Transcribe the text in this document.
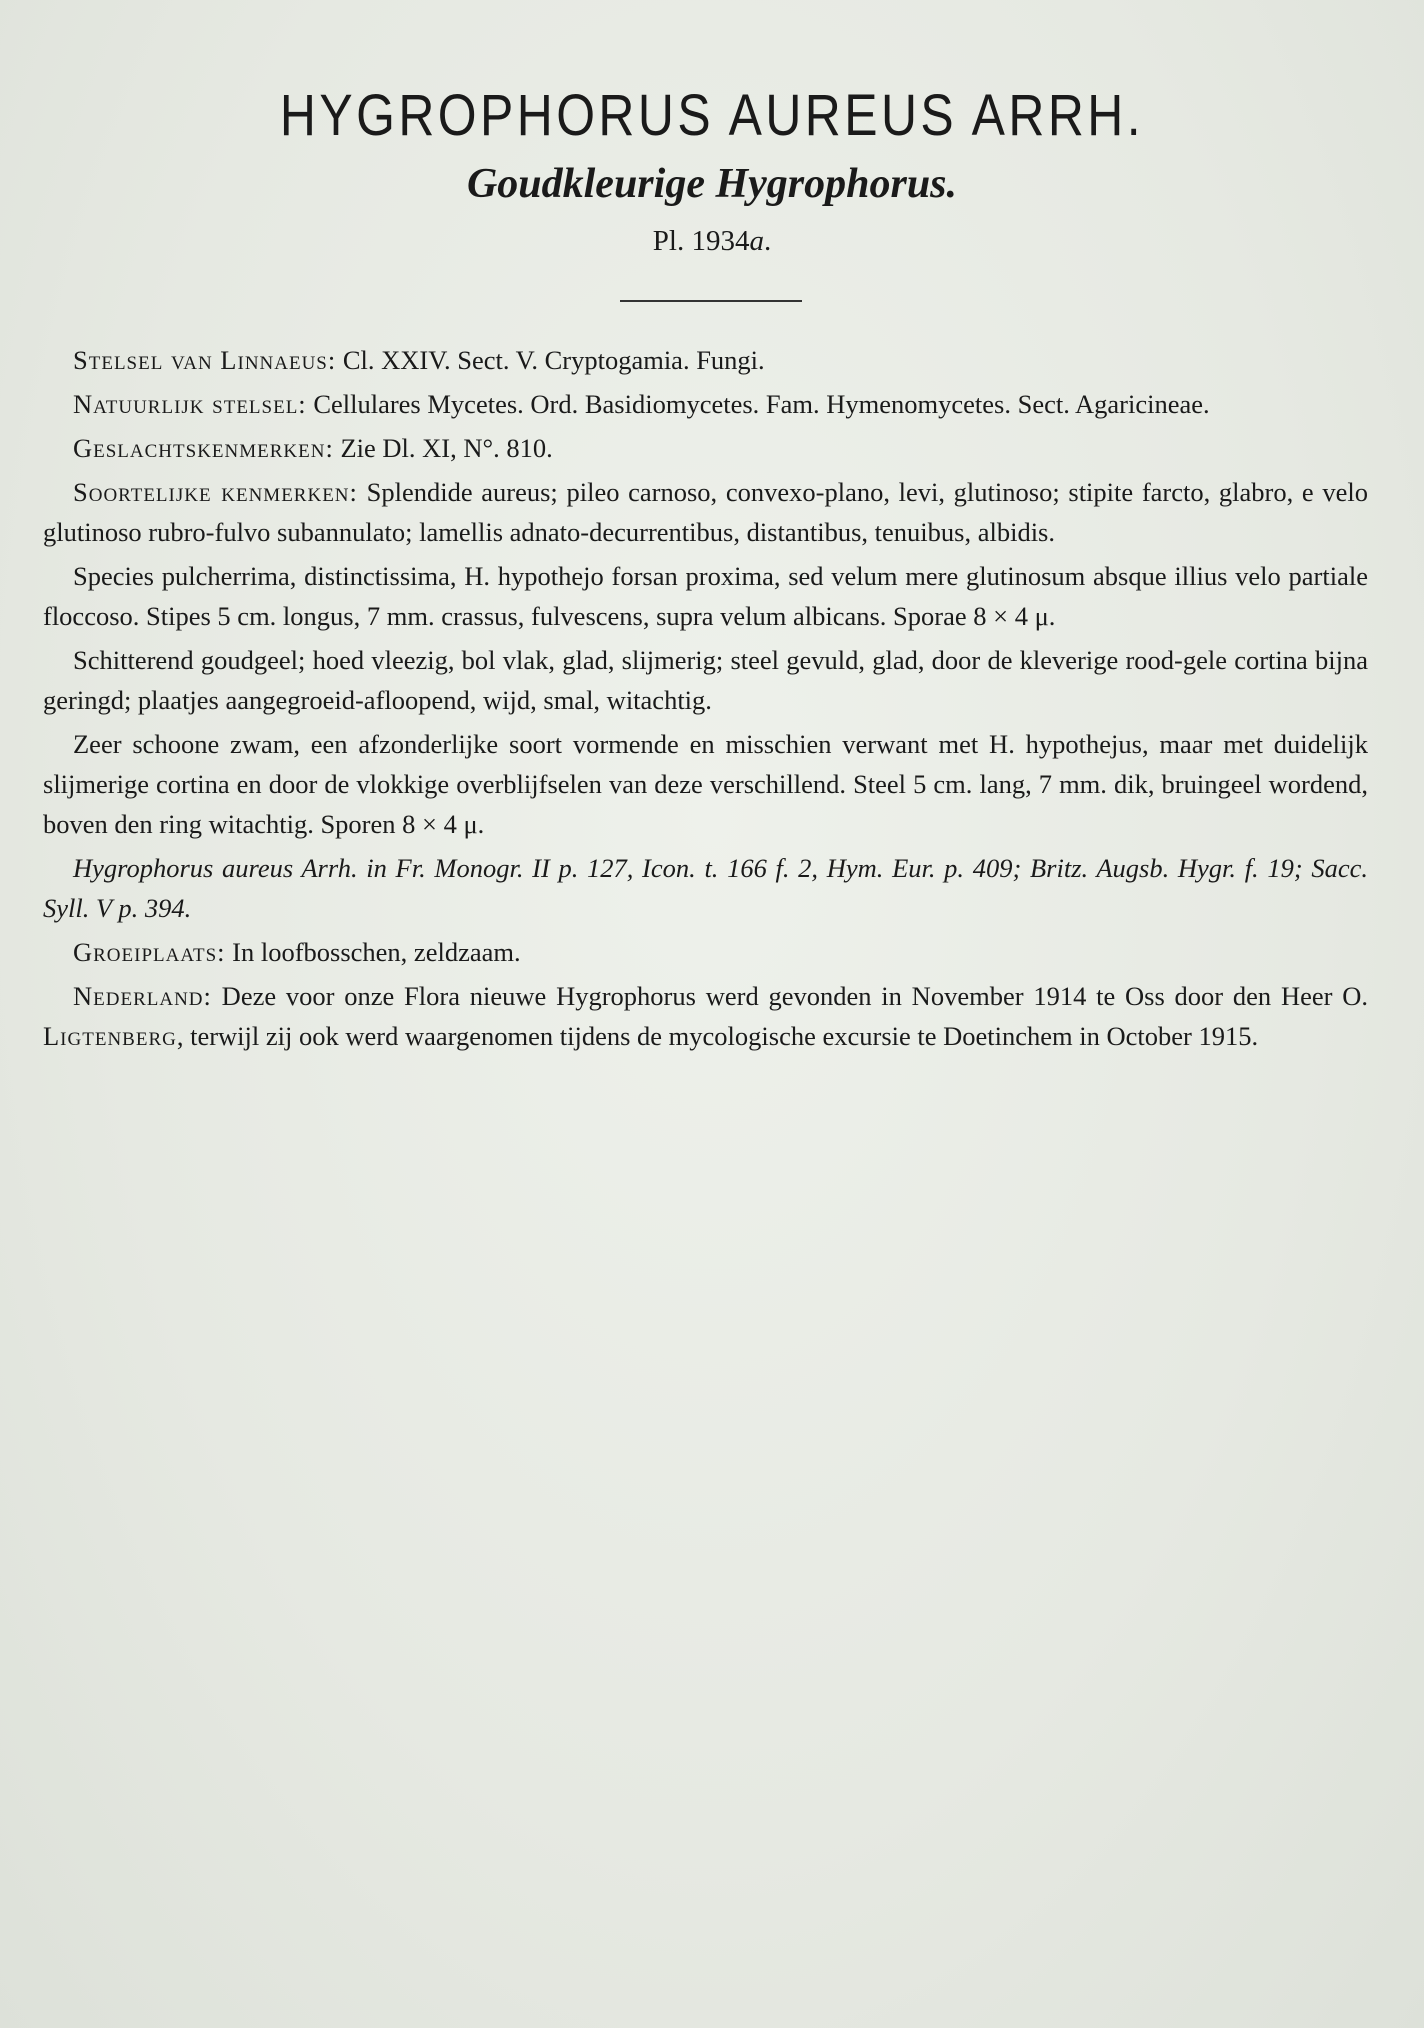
HYGROPHORUS AUREUS ARRH.
Goudkleurige Hygrophorus.
Pl. 1934a.

Stelsel van Linnaeus: Cl. XXIV. Sect. V. Cryptogamia. Fungi.

Natuurlijk stelsel: Cellulares Mycetes. Ord. Basidiomycetes. Fam. Hymenomycetes. Sect. Agaricineae.

Geslachtskenmerken: Zie Dl. XI, N°. 810.

Soortelijke kenmerken: Splendide aureus; pileo carnoso, convexo-plano, levi, glutinoso; stipite farcto, glabro, e velo glutinoso rubro-fulvo subannulato; lamellis adnato-decurrentibus, distantibus, tenuibus, albidis.

Species pulcherrima, distinctissima, H. hypothejo forsan proxima, sed velum mere glutinosum absque illius velo partiale floccoso. Stipes 5 cm. longus, 7 mm. crassus, fulvescens, supra velum albicans. Sporae 8 × 4 μ.

Schitterend goudgeel; hoed vleezig, bol vlak, glad, slijmerig; steel gevuld, glad, door de kleverige rood-gele cortina bijna geringd; plaatjes aangegroeid-afloopend, wijd, smal, witachtig.

Zeer schoone zwam, een afzonderlijke soort vormende en misschien verwant met H. hypothejus, maar met duidelijk slijmerige cortina en door de vlokkige overblijfselen van deze verschillend. Steel 5 cm. lang, 7 mm. dik, bruingeel wordend, boven den ring witachtig. Sporen 8 × 4 μ.

Hygrophorus aureus Arrh. in Fr. Monogr. II p. 127, Icon. t. 166 f. 2, Hym. Eur. p. 409; Britz. Augsb. Hygr. f. 19; Sacc. Syll. V p. 394.

Groeiplaats: In loofbosschen, zeldzaam.

Nederland: Deze voor onze Flora nieuwe Hygrophorus werd gevonden in November 1914 te Oss door den Heer O. Ligtenberg, terwijl zij ook werd waargenomen tijdens de mycologische excursie te Doetinchem in October 1915.
